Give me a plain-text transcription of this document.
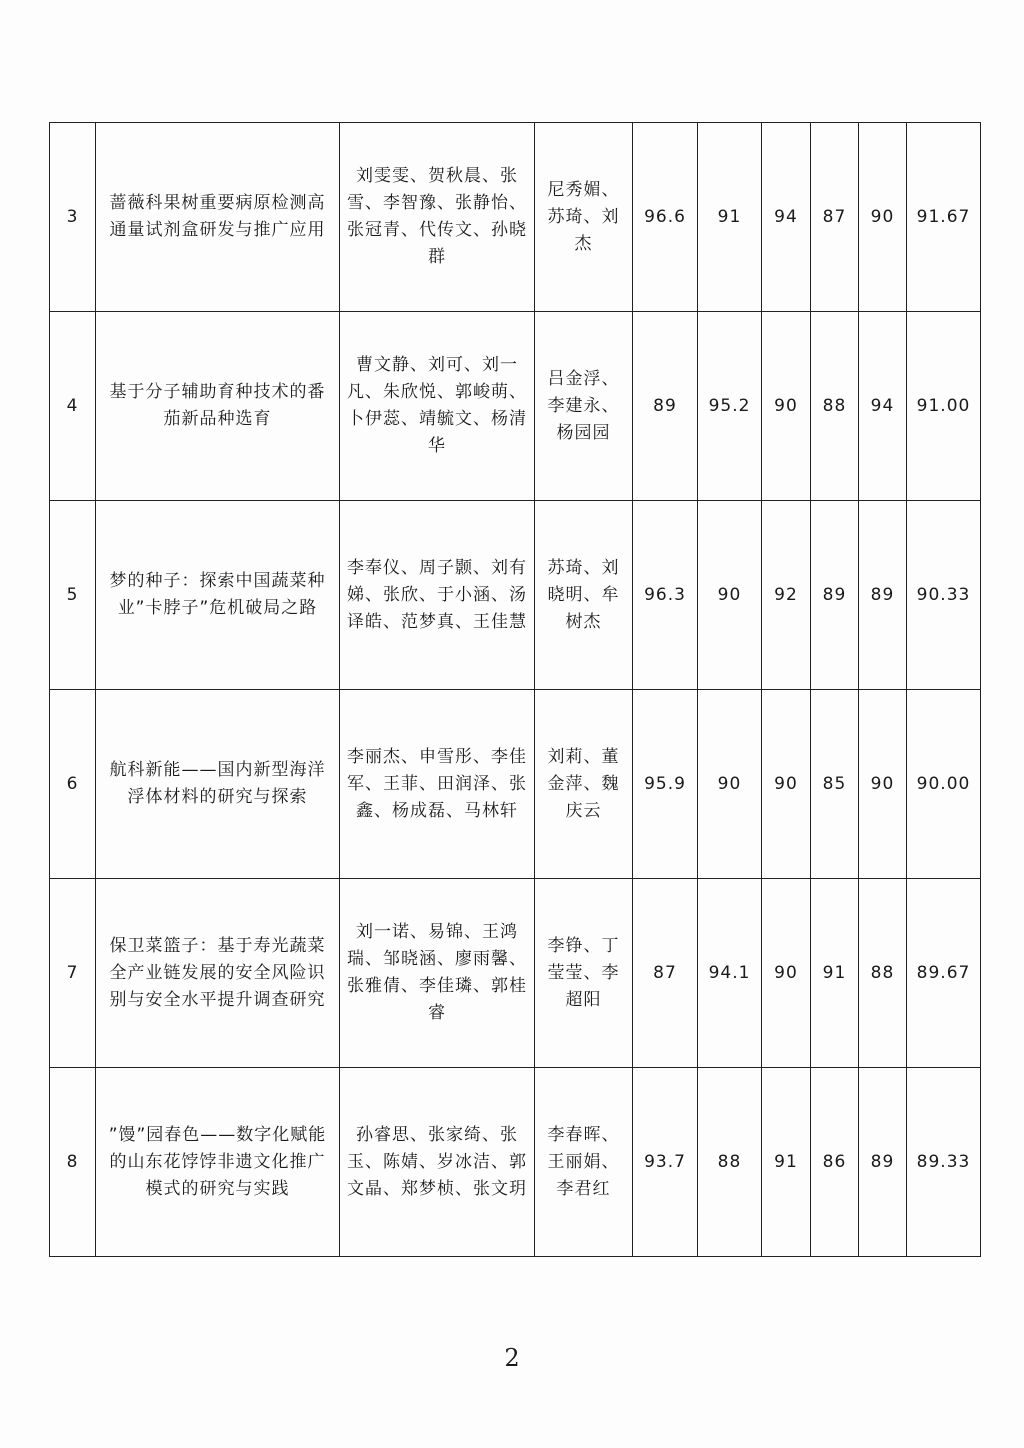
3	蔷薇科果树重要病原检测高通量试剂盒研发与推广应用	刘雯雯、贺秋晨、张雪、李智豫、张静怡、张冠青、代传文、孙晓群	尼秀媚、苏琦、刘杰	96.6	91	94	87	90	91.67
4	基于分子辅助育种技术的番茄新品种选育	曹文静、刘可、刘一凡、朱欣悦、郭峻萌、卜伊蕊、靖毓文、杨清华	吕金浮、李建永、杨园园	89	95.2	90	88	94	91.00
5	梦的种子：探索中国蔬菜种业”卡脖子”危机破局之路	李奉仪、周子颢、刘有娣、张欣、于小涵、汤译皓、范梦真、王佳慧	苏琦、刘晓明、牟树杰	96.3	90	92	89	89	90.33
6	航科新能——国内新型海洋浮体材料的研究与探索	李丽杰、申雪彤、李佳军、王菲、田润泽、张鑫、杨成磊、马林轩	刘莉、董金萍、魏庆云	95.9	90	90	85	90	90.00
7	保卫菜篮子：基于寿光蔬菜全产业链发展的安全风险识别与安全水平提升调查研究	刘一诺、易锦、王鸿瑞、邹晓涵、廖雨馨、张雅倩、李佳璘、郭桂睿	李铮、丁莹莹、李超阳	87	94.1	90	91	88	89.67
8	”馒”园春色——数字化赋能的山东花饽饽非遗文化推广模式的研究与实践	孙睿思、张家绮、张玉、陈婧、岁冰洁、郭文晶、郑梦桢、张文玥	李春晖、王丽娟、李君红	93.7	88	91	86	89	89.33
2
